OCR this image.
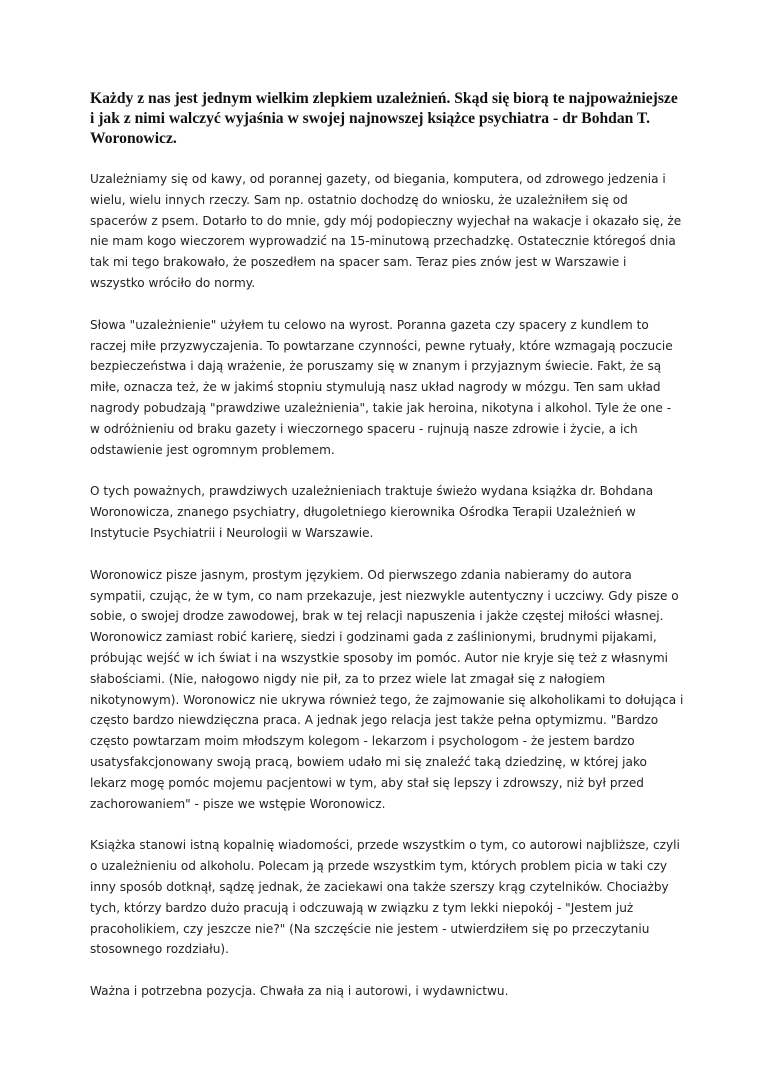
Każdy z nas jest jednym wielkim zlepkiem uzależnień. Skąd się biorą te najpoważniejsze i jak z nimi walczyć wyjaśnia w swojej najnowszej książce psychiatra - dr Bohdan T. Woronowicz.

Uzależniamy się od kawy, od porannej gazety, od biegania, komputera, od zdrowego jedzenia i wielu, wielu innych rzeczy. Sam np. ostatnio dochodzę do wniosku, że uzależniłem się od spacerów z psem. Dotarło to do mnie, gdy mój podopieczny wyjechał na wakacje i okazało się, że nie mam kogo wieczorem wyprowadzić na 15-minutową przechadzkę. Ostatecznie któregoś dnia tak mi tego brakowało, że poszedłem na spacer sam. Teraz pies znów jest w Warszawie i wszystko wróciło do normy.

Słowa "uzależnienie" użyłem tu celowo na wyrost. Poranna gazeta czy spacery z kundlem to raczej miłe przyzwyczajenia. To powtarzane czynności, pewne rytuały, które wzmagają poczucie bezpieczeństwa i dają wrażenie, że poruszamy się w znanym i przyjaznym świecie. Fakt, że są miłe, oznacza też, że w jakimś stopniu stymulują nasz układ nagrody w mózgu. Ten sam układ nagrody pobudzają "prawdziwe uzależnienia", takie jak heroina, nikotyna i alkohol. Tyle że one - w odróżnieniu od braku gazety i wieczornego spaceru - rujnują nasze zdrowie i życie, a ich odstawienie jest ogromnym problemem.

O tych poważnych, prawdziwych uzależnieniach traktuje świeżo wydana książka dr. Bohdana Woronowicza, znanego psychiatry, długoletniego kierownika Ośrodka Terapii Uzależnień w Instytucie Psychiatrii i Neurologii w Warszawie.

Woronowicz pisze jasnym, prostym językiem. Od pierwszego zdania nabieramy do autora sympatii, czując, że w tym, co nam przekazuje, jest niezwykle autentyczny i uczciwy. Gdy pisze o sobie, o swojej drodze zawodowej, brak w tej relacji napuszenia i jakże częstej miłości własnej. Woronowicz zamiast robić karierę, siedzi i godzinami gada z zaślinionymi, brudnymi pijakami, próbując wejść w ich świat i na wszystkie sposoby im pomóc. Autor nie kryje się też z własnymi słabościami. (Nie, nałogowo nigdy nie pił, za to przez wiele lat zmagał się z nałogiem nikotynowym). Woronowicz nie ukrywa również tego, że zajmowanie się alkoholikami to dołująca i często bardzo niewdzięczna praca. A jednak jego relacja jest także pełna optymizmu. "Bardzo często powtarzam moim młodszym kolegom - lekarzom i psychologom - że jestem bardzo usatysfakcjonowany swoją pracą, bowiem udało mi się znaleźć taką dziedzinę, w której jako lekarz mogę pomóc mojemu pacjentowi w tym, aby stał się lepszy i zdrowszy, niż był przed zachorowaniem" - pisze we wstępie Woronowicz.

Książka stanowi istną kopalnię wiadomości, przede wszystkim o tym, co autorowi najbliższe, czyli o uzależnieniu od alkoholu. Polecam ją przede wszystkim tym, których problem picia w taki czy inny sposób dotknął, sądzę jednak, że zaciekawi ona także szerszy krąg czytelników. Chociażby tych, którzy bardzo dużo pracują i odczuwają w związku z tym lekki niepokój - "Jestem już pracoholikiem, czy jeszcze nie?" (Na szczęście nie jestem - utwierdziłem się po przeczytaniu stosownego rozdziału).

Ważna i potrzebna pozycja. Chwała za nią i autorowi, i wydawnictwu.
